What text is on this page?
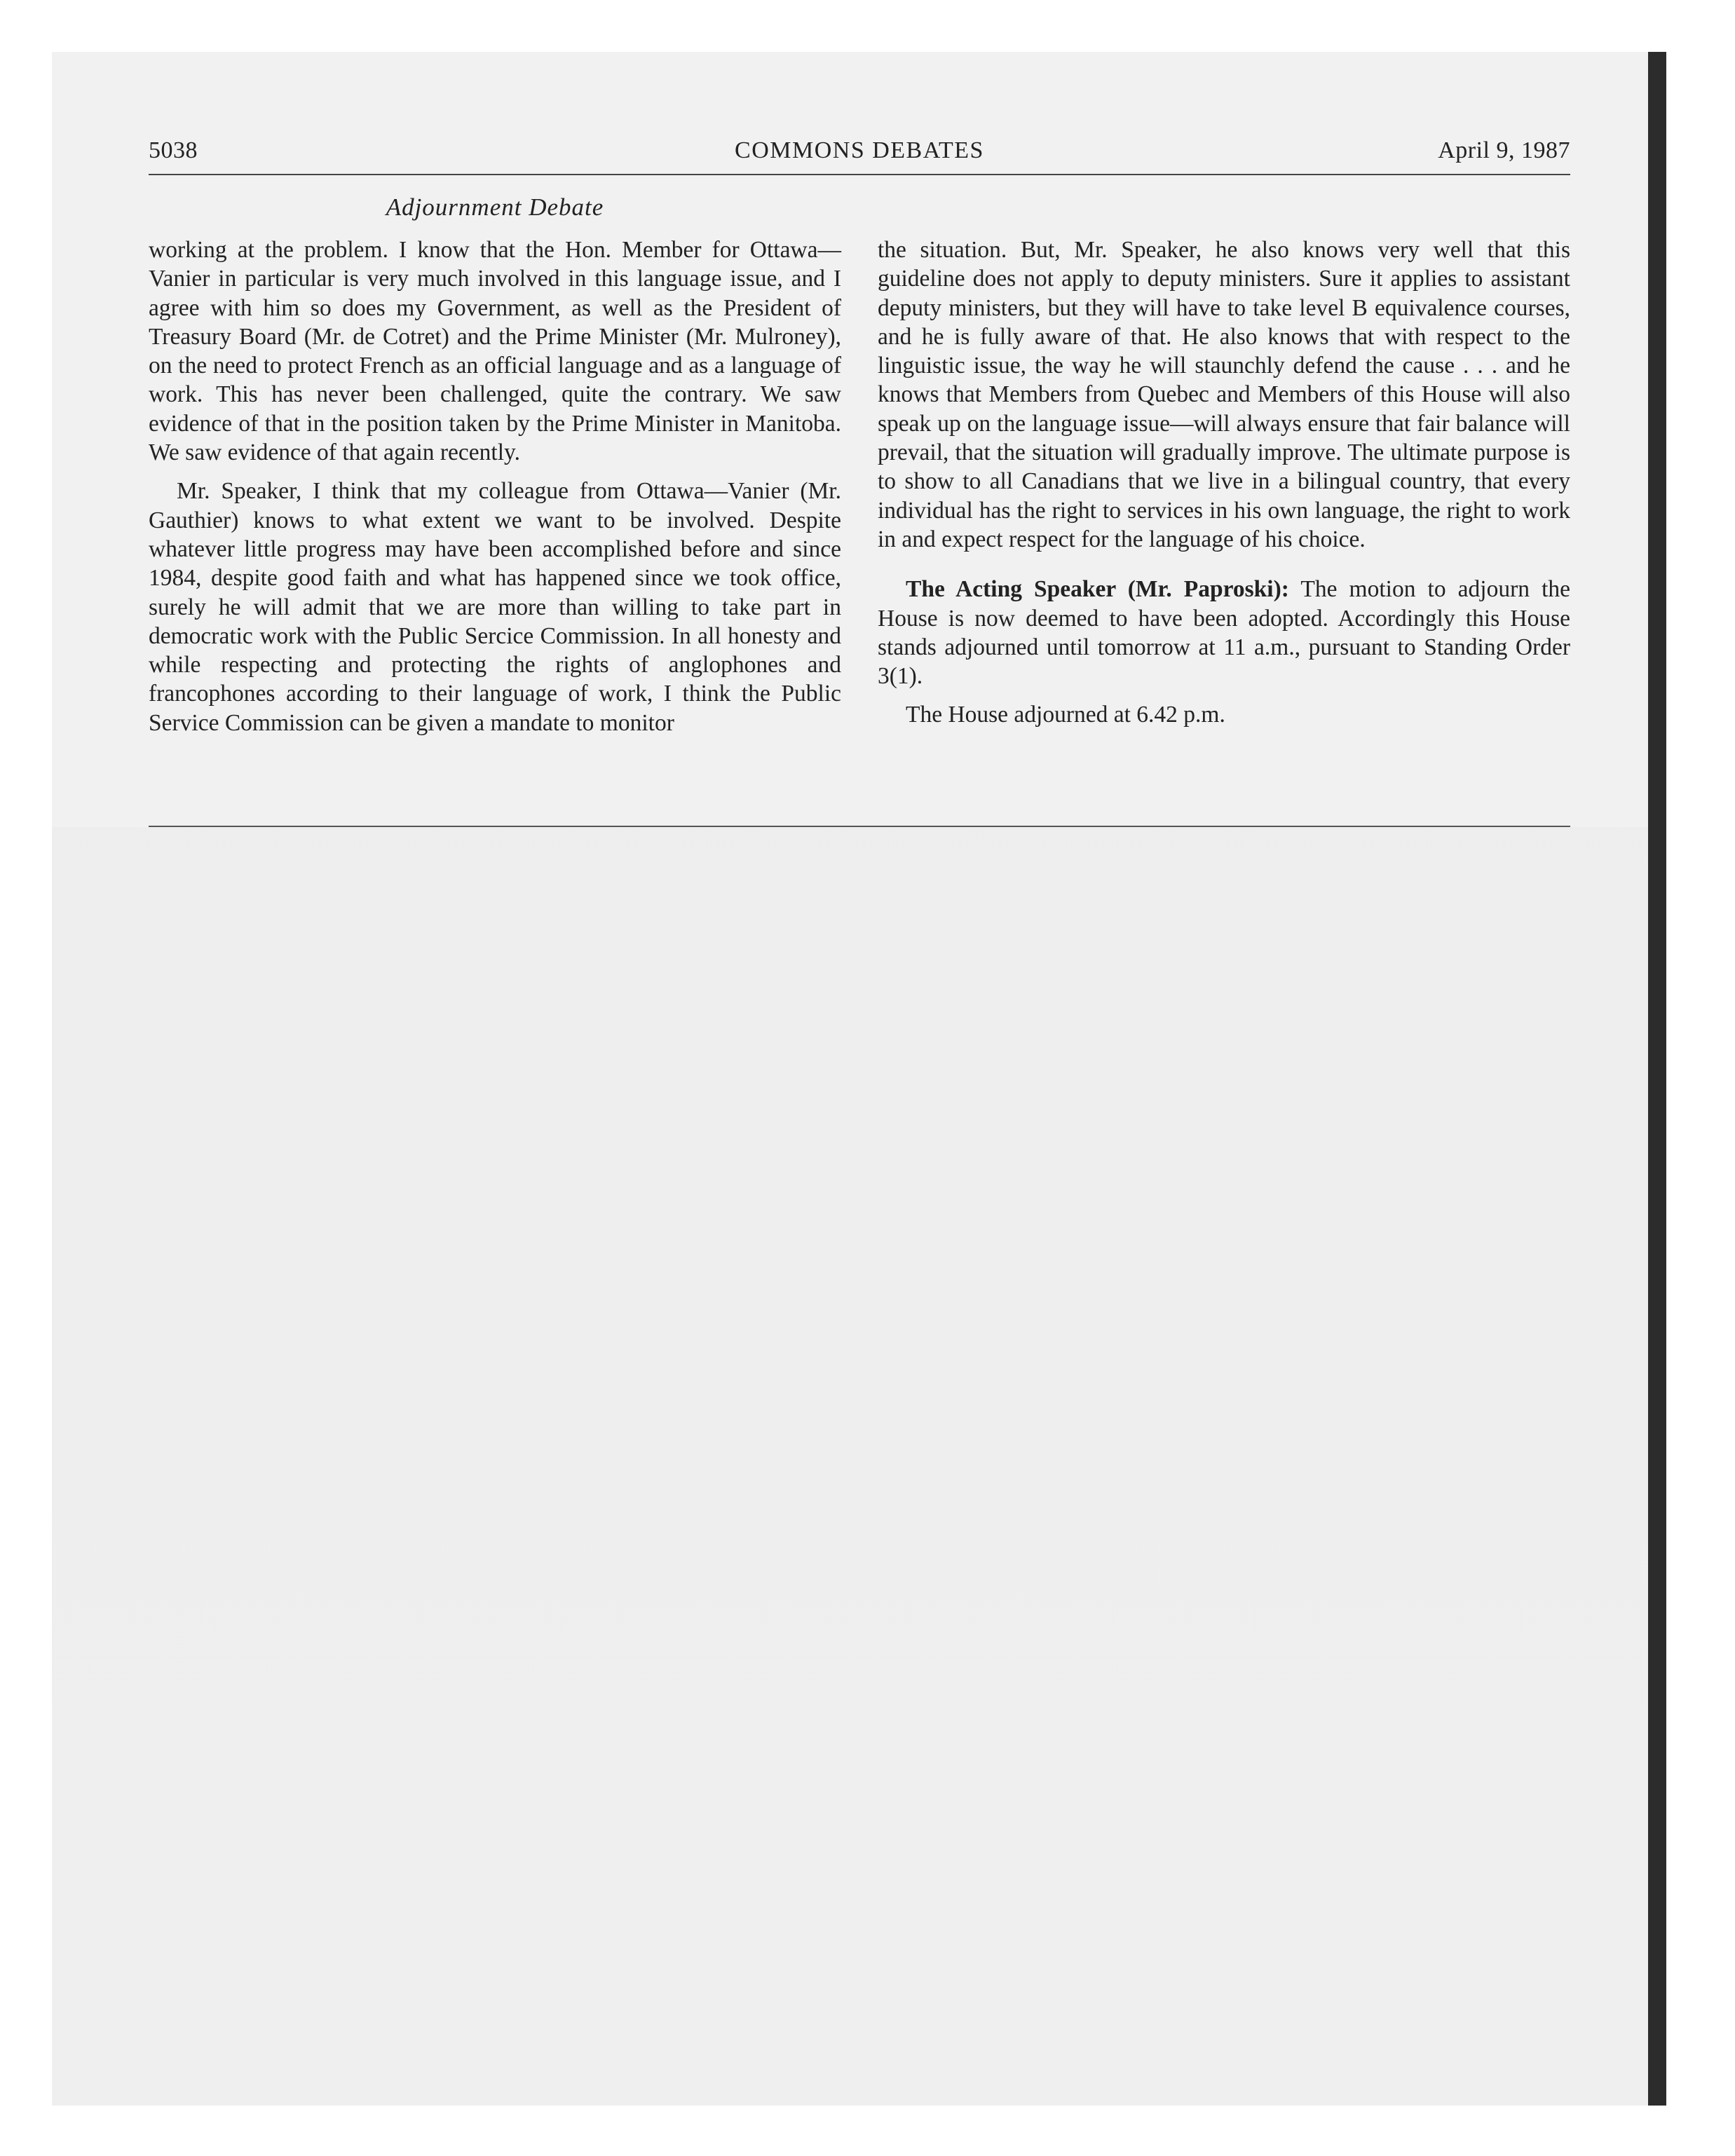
5038	COMMONS DEBATES	April 9, 1987
Adjournment Debate

working at the problem. I know that the Hon. Member for Ottawa—Vanier in particular is very much involved in this language issue, and I agree with him so does my Government, as well as the President of Treasury Board (Mr. de Cotret) and the Prime Minister (Mr. Mulroney), on the need to protect French as an official language and as a language of work. This has never been challenged, quite the contrary. We saw evidence of that in the position taken by the Prime Minister in Manitoba. We saw evidence of that again recently.

Mr. Speaker, I think that my colleague from Ottawa—Vanier (Mr. Gauthier) knows to what extent we want to be involved. Despite whatever little progress may have been accomplished before and since 1984, despite good faith and what has happened since we took office, surely he will admit that we are more than willing to take part in democratic work with the Public Sercice Commission. In all honesty and while respecting and protecting the rights of anglophones and francophones according to their language of work, I think the Public Service Commission can be given a mandate to monitor

the situation. But, Mr. Speaker, he also knows very well that this guideline does not apply to deputy ministers. Sure it applies to assistant deputy ministers, but they will have to take level B equivalence courses, and he is fully aware of that. He also knows that with respect to the linguistic issue, the way he will staunchly defend the cause . . . and he knows that Members from Quebec and Members of this House will also speak up on the language issue—will always ensure that fair balance will prevail, that the situation will gradually improve. The ultimate purpose is to show to all Canadians that we live in a bilingual country, that every individual has the right to services in his own language, the right to work in and expect respect for the language of his choice.

The Acting Speaker (Mr. Paproski): The motion to adjourn the House is now deemed to have been adopted. Accordingly this House stands adjourned until tomorrow at 11 a.m., pursuant to Standing Order 3(1).

The House adjourned at 6.42 p.m.
